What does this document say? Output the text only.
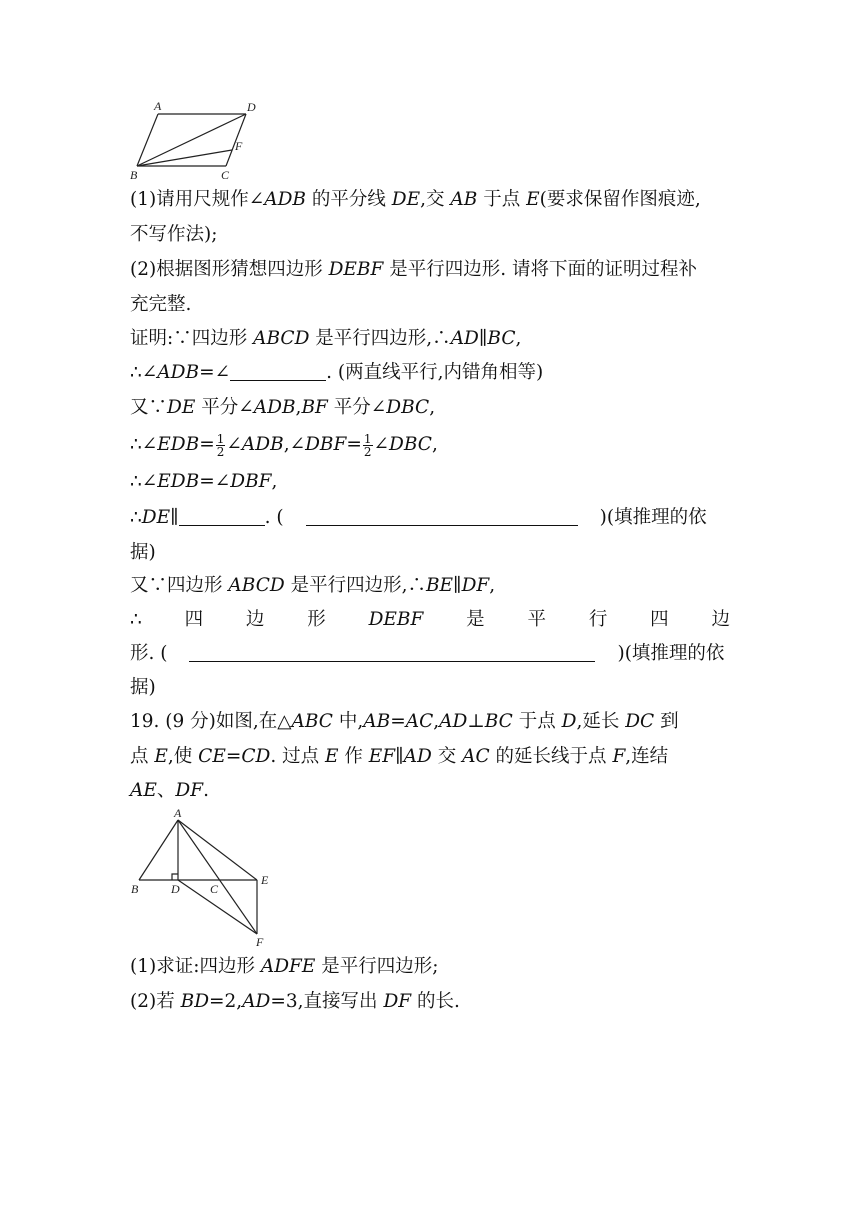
A	D
F
B	C
(1)请用尺规作∠ADB 的平分线 DE,交 AB 于点 E(要求保留作图痕迹,
不写作法);
(2)根据图形猜想四边形 DEBF 是平行四边形. 请将下面的证明过程补
充完整.
证明:∵四边形 ABCD 是平行四边形,∴AD∥BC,
∴∠ADB=∠	. (两直线平行,内错角相等)
又∵DE 平分∠ADB,BF 平分∠DBC,
∴∠EDB= $\frac{1}{2}$ ∠ADB,∠DBF= $\frac{1}{2}$ ∠DBC,
∴∠EDB=∠DBF,
∴DE∥	. (	)(填推理的依
据)
又∵四边形 ABCD 是平行四边形,∴BE∥DF,
∴ 四 边 形 DEBF 是 平 行 四 边
形. (	)(填推理的依
据)
19. (9 分)如图,在△ABC 中,AB=AC,AD⊥BC 于点 D,延长 DC 到
点 E,使 CE=CD. 过点 E 作 EF∥AD 交 AC 的延长线于点 F,连结
AE、DF.
A
B	D	C
E
F
(1)求证:四边形 ADFE 是平行四边形;
(2)若 BD=2,AD=3,直接写出 DF 的长.
